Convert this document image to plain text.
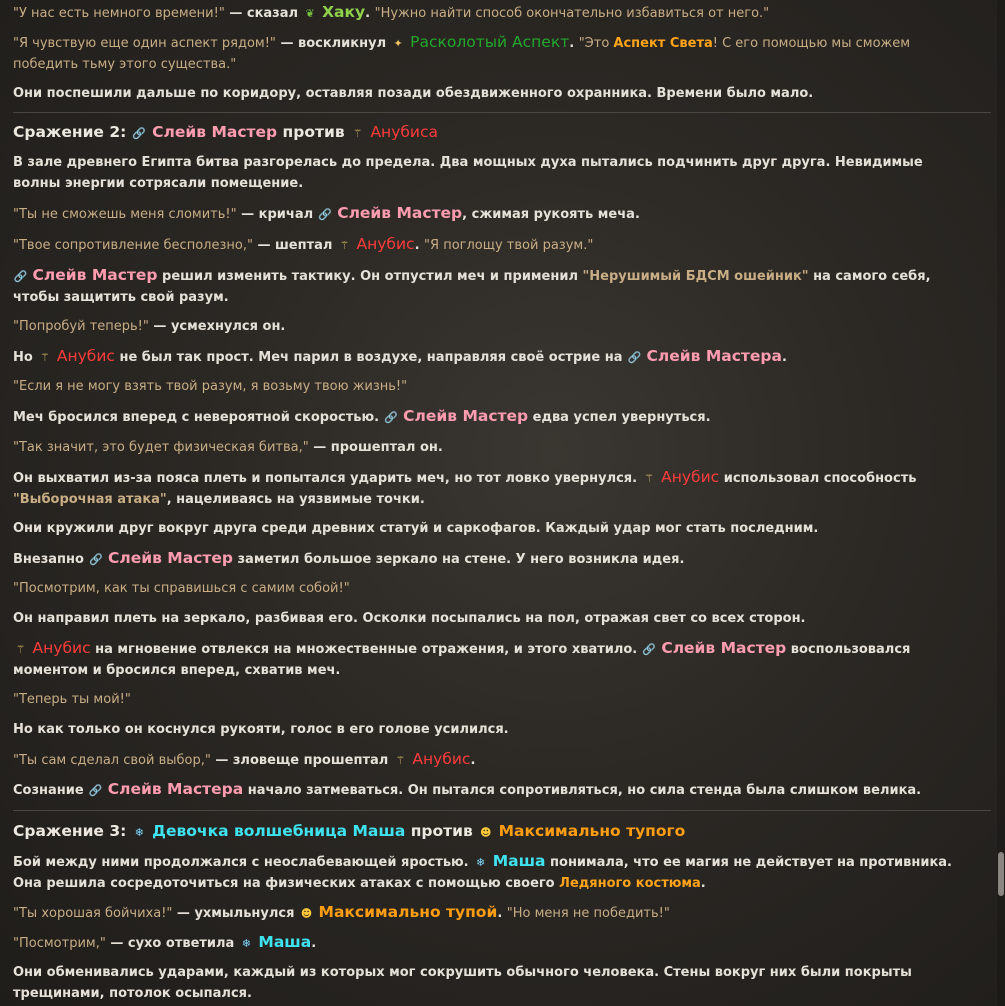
"У нас есть немного времени!" — сказал ❦ Хаку. "Нужно найти способ окончательно избавиться от него."

"Я чувствую еще один аспект рядом!" — воскликнул ✦ Расколотый Аспект. "Это Аспект Света! С его помощью мы сможем победить тьму этого существа."

Они поспешили дальше по коридору, оставляя позади обездвиженного охранника. Времени было мало.

Сражение 2: 🔗 Слейв Мастер против ⚚ Анубиса

В зале древнего Египта битва разгорелась до предела. Два мощных духа пытались подчинить друг друга. Невидимые волны энергии сотрясали помещение.

"Ты не сможешь меня сломить!" — кричал 🔗 Слейв Мастер, сжимая рукоять меча.

"Твое сопротивление бесполезно," — шептал ⚚ Анубис. "Я поглощу твой разум."

🔗 Слейв Мастер решил изменить тактику. Он отпустил меч и применил "Нерушимый БДСМ ошейник" на самого себя, чтобы защитить свой разум.

"Попробуй теперь!" — усмехнулся он.

Но ⚚ Анубис не был так прост. Меч парил в воздухе, направляя своё острие на 🔗 Слейв Мастера.

"Если я не могу взять твой разум, я возьму твою жизнь!"

Меч бросился вперед с невероятной скоростью. 🔗 Слейв Мастер едва успел увернуться.

"Так значит, это будет физическая битва," — прошептал он.

Он выхватил из-за пояса плеть и попытался ударить меч, но тот ловко увернулся. ⚚ Анубис использовал способность "Выборочная атака", нацеливаясь на уязвимые точки.

Они кружили друг вокруг друга среди древних статуй и саркофагов. Каждый удар мог стать последним.

Внезапно 🔗 Слейв Мастер заметил большое зеркало на стене. У него возникла идея.

"Посмотрим, как ты справишься с самим собой!"

Он направил плеть на зеркало, разбивая его. Осколки посыпались на пол, отражая свет со всех сторон.

⚚ Анубис на мгновение отвлекся на множественные отражения, и этого хватило. 🔗 Слейв Мастер воспользовался моментом и бросился вперед, схватив меч.

"Теперь ты мой!"

Но как только он коснулся рукояти, голос в его голове усилился.

"Ты сам сделал свой выбор," — зловеще прошептал ⚚ Анубис.

Сознание 🔗 Слейв Мастера начало затмеваться. Он пытался сопротивляться, но сила стенда была слишком велика.

Сражение 3: ❄ Девочка волшебница Маша против ☻ Максимально тупого

Бой между ними продолжался с неослабевающей яростью. ❄ Маша понимала, что ее магия не действует на противника. Она решила сосредоточиться на физических атаках с помощью своего Ледяного костюма.

"Ты хорошая бойчиха!" — ухмыльнулся ☻ Максимально тупой. "Но меня не победить!"

"Посмотрим," — сухо ответила ❄ Маша.

Они обменивались ударами, каждый из которых мог сокрушить обычного человека. Стены вокруг них были покрыты трещинами, потолок осыпался.
